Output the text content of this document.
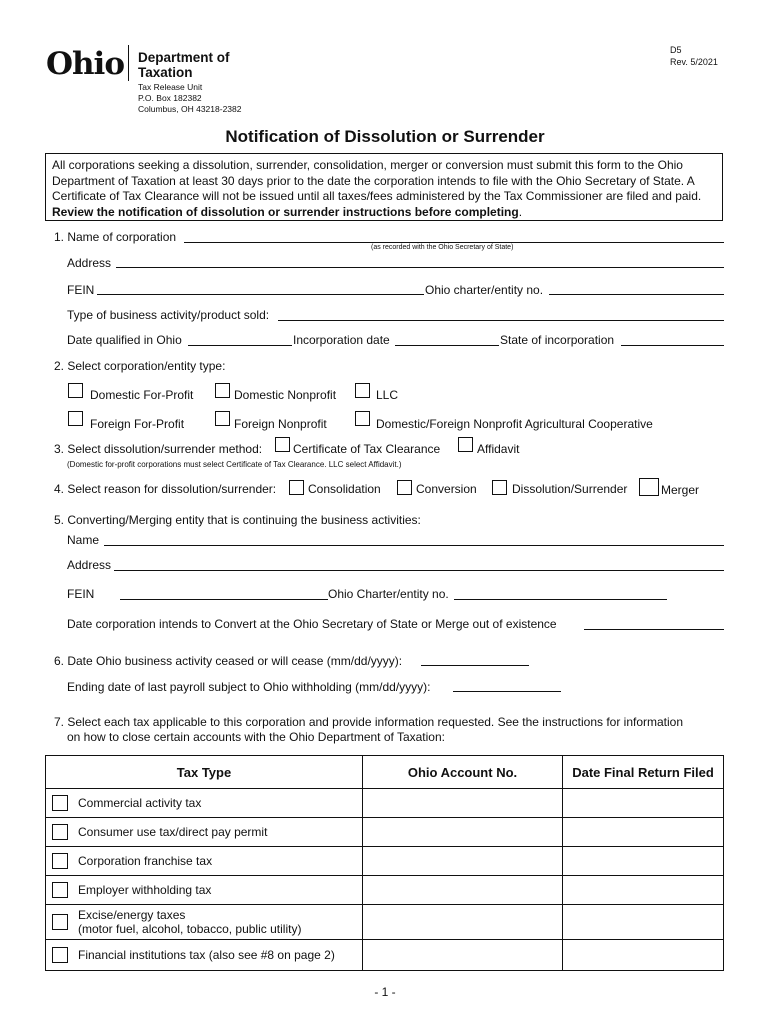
Ohio Department of
Taxation
Tax Release Unit
P.O. Box 182382
Columbus, OH 43218-2382
D5
Rev. 5/2021
Notification of Dissolution or Surrender
All corporations seeking a dissolution, surrender, consolidation, merger or conversion must submit this form to the Ohio Department of Taxation at least 30 days prior to the date the corporation intends to file with the Ohio Secretary of State. A Certificate of Tax Clearance will not be issued until all taxes/fees administered by the Tax Commissioner are filed and paid. Review the notification of dissolution or surrender instructions before completing.
1. Name of corporation
(as recorded with the Ohio Secretary of State)
Address
FEIN	Ohio charter/entity no.
Type of business activity/product sold:
Date qualified in Ohio	Incorporation date	State of incorporation
2. Select corporation/entity type:
Domestic For-Profit	Domestic Nonprofit	LLC
Foreign For-Profit	Foreign Nonprofit	Domestic/Foreign Nonprofit Agricultural Cooperative
3. Select dissolution/surrender method:	Certificate of Tax Clearance	Affidavit
(Domestic for-profit corporations must select Certificate of Tax Clearance. LLC select Affidavit.)
4. Select reason for dissolution/surrender:	Consolidation	Conversion	Dissolution/Surrender	Merger
5. Converting/Merging entity that is continuing the business activities:
Name
Address
FEIN	Ohio Charter/entity no.
Date corporation intends to Convert at the Ohio Secretary of State or Merge out of existence
6. Date Ohio business activity ceased or will cease (mm/dd/yyyy):
Ending date of last payroll subject to Ohio withholding (mm/dd/yyyy):
7. Select each tax applicable to this corporation and provide information requested. See the instructions for information
on how to close certain accounts with the Ohio Department of Taxation:
Tax Type	Ohio Account No.	Date Final Return Filed

Commercial activity tax		

Consumer use tax/direct pay permit		

Corporation franchise tax		

Employer withholding tax		

Excise/energy taxes
(motor fuel, alcohol, tobacco, public utility)		

Financial institutions tax (also see #8 on page 2)		

- 1 -
